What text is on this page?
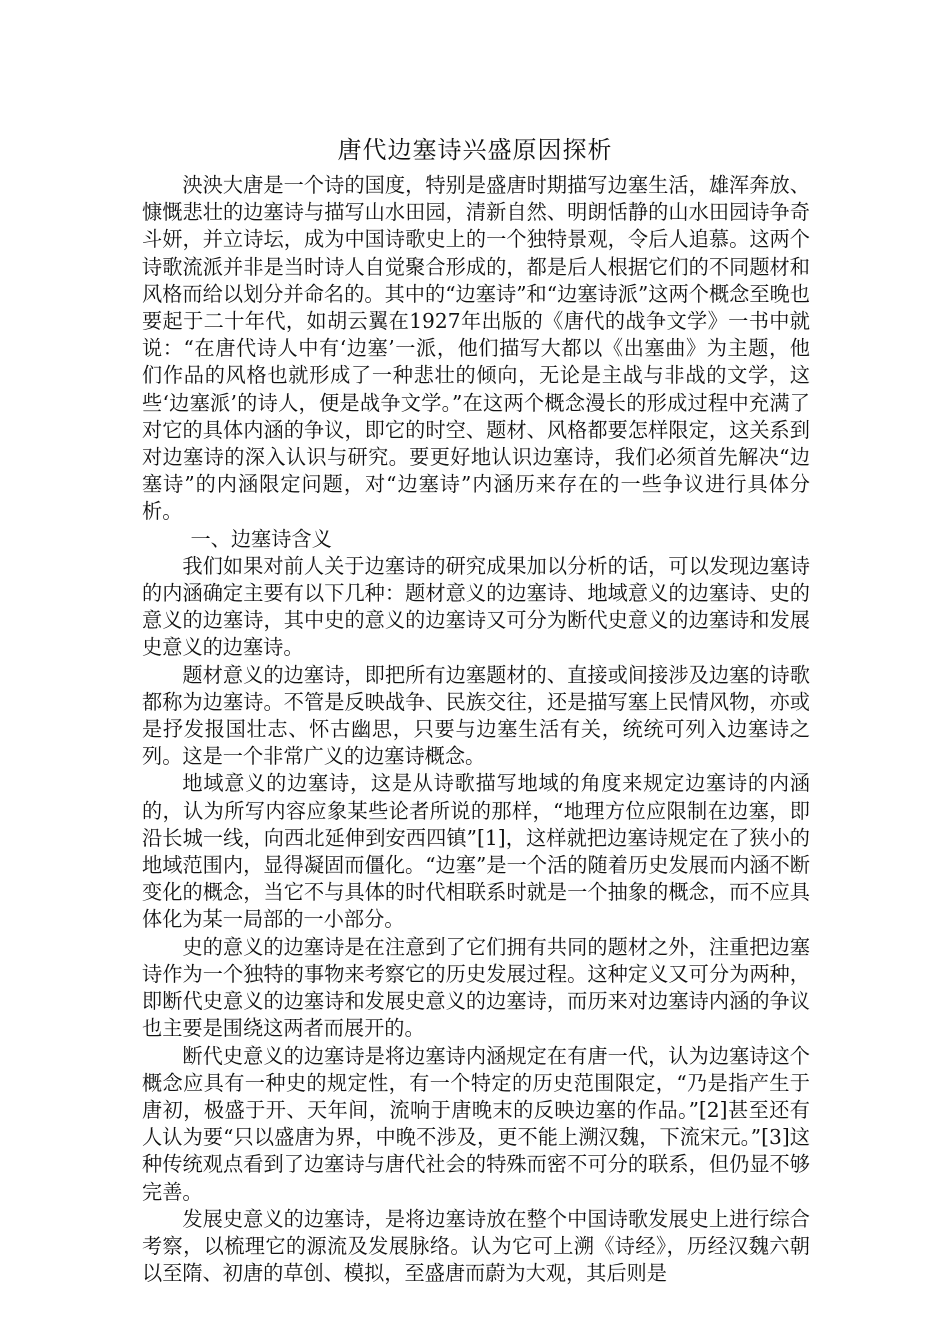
唐代边塞诗兴盛原因探析

泱泱大唐是一个诗的国度，特别是盛唐时期描写边塞生活，雄浑奔放、慷慨悲壮的边塞诗与描写山水田园，清新自然、明朗恬静的山水田园诗争奇斗妍，并立诗坛，成为中国诗歌史上的一个独特景观，令后人追慕。这两个诗歌流派并非是当时诗人自觉聚合形成的，都是后人根据它们的不同题材和风格而给以划分并命名的。其中的“边塞诗”和“边塞诗派”这两个概念至晚也要起于二十年代，如胡云翼在1927年出版的《唐代的战争文学》一书中就说：“在唐代诗人中有‘边塞’一派，他们描写大都以《出塞曲》为主题，他们作品的风格也就形成了一种悲壮的倾向，无论是主战与非战的文学，这些‘边塞派’的诗人，便是战争文学。”在这两个概念漫长的形成过程中充满了对它的具体内涵的争议，即它的时空、题材、风格都要怎样限定，这关系到对边塞诗的深入认识与研究。要更好地认识边塞诗，我们必须首先解决“边塞诗”的内涵限定问题，对“边塞诗”内涵历来存在的一些争议进行具体分析。

一、边塞诗含义

我们如果对前人关于边塞诗的研究成果加以分析的话，可以发现边塞诗的内涵确定主要有以下几种：题材意义的边塞诗、地域意义的边塞诗、史的意义的边塞诗，其中史的意义的边塞诗又可分为断代史意义的边塞诗和发展史意义的边塞诗。

题材意义的边塞诗，即把所有边塞题材的、直接或间接涉及边塞的诗歌都称为边塞诗。不管是反映战争、民族交往，还是描写塞上民情风物，亦或是抒发报国壮志、怀古幽思，只要与边塞生活有关，统统可列入边塞诗之列。这是一个非常广义的边塞诗概念。

地域意义的边塞诗，这是从诗歌描写地域的角度来规定边塞诗的内涵的，认为所写内容应象某些论者所说的那样，“地理方位应限制在边塞，即沿长城一线，向西北延伸到安西四镇”[1]，这样就把边塞诗规定在了狭小的地域范围内，显得凝固而僵化。“边塞”是一个活的随着历史发展而内涵不断变化的概念，当它不与具体的时代相联系时就是一个抽象的概念，而不应具体化为某一局部的一小部分。

史的意义的边塞诗是在注意到了它们拥有共同的题材之外，注重把边塞诗作为一个独特的事物来考察它的历史发展过程。这种定义又可分为两种，即断代史意义的边塞诗和发展史意义的边塞诗，而历来对边塞诗内涵的争议也主要是围绕这两者而展开的。

断代史意义的边塞诗是将边塞诗内涵规定在有唐一代，认为边塞诗这个概念应具有一种史的规定性，有一个特定的历史范围限定，“乃是指产生于唐初，极盛于开、天年间，流响于唐晚末的反映边塞的作品。”[2]甚至还有人认为要“只以盛唐为界，中晚不涉及，更不能上溯汉魏，下流宋元。”[3]这种传统观点看到了边塞诗与唐代社会的特殊而密不可分的联系，但仍显不够完善。

发展史意义的边塞诗，是将边塞诗放在整个中国诗歌发展史上进行综合考察，以梳理它的源流及发展脉络。认为它可上溯《诗经》，历经汉魏六朝以至隋、初唐的草创、模拟，至盛唐而蔚为大观，其后则是
